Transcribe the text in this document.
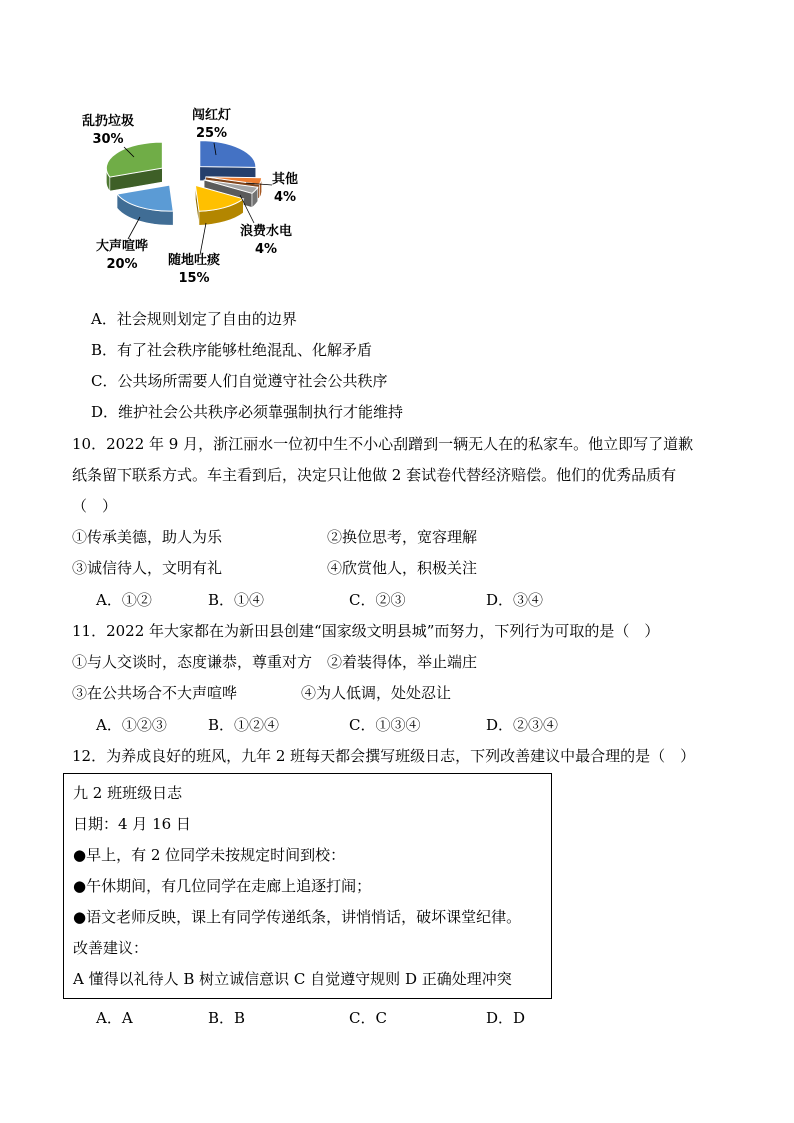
闯红灯
25%
其他
4%
浪费水电
4%
随地吐痰
15%
大声喧哗
20%
乱扔垃圾
30%
A．社会规则划定了自由的边界
B．有了社会秩序能够杜绝混乱、化解矛盾
C．公共场所需要人们自觉遵守社会公共秩序
D．维护社会公共秩序必须靠强制执行才能维持
10．2022 年 9 月，浙江丽水一位初中生不小心刮蹭到一辆无人在的私家车。他立即写了道歉
纸条留下联系方式。车主看到后，决定只让他做 2 套试卷代替经济赔偿。他们的优秀品质有
（　）
①传承美德，助人为乐	②换位思考，宽容理解
③诚信待人，文明有礼	④欣赏他人，积极关注
A．①②	B．①④	C．②③	D．③④
11．2022 年大家都在为新田县创建“国家级文明县城”而努力，下列行为可取的是（　）
①与人交谈时，态度谦恭，尊重对方　②着装得体，举止端庄
③在公共场合不大声喧哗	④为人低调，处处忍让
A．①②③	B．①②④	C．①③④	D．②③④
12．为养成良好的班风，九年 2 班每天都会撰写班级日志，下列改善建议中最合理的是（　）
九 2 班班级日志
日期：4 月 16 日
●早上，有 2 位同学未按规定时间到校：
●午休期间，有几位同学在走廊上追逐打闹；
●语文老师反映，课上有同学传递纸条，讲悄悄话，破坏课堂纪律。
改善建议：
A 懂得以礼待人 B 树立诚信意识 C 自觉遵守规则 D 正确处理冲突
A．A	B．B	C．C	D．D
